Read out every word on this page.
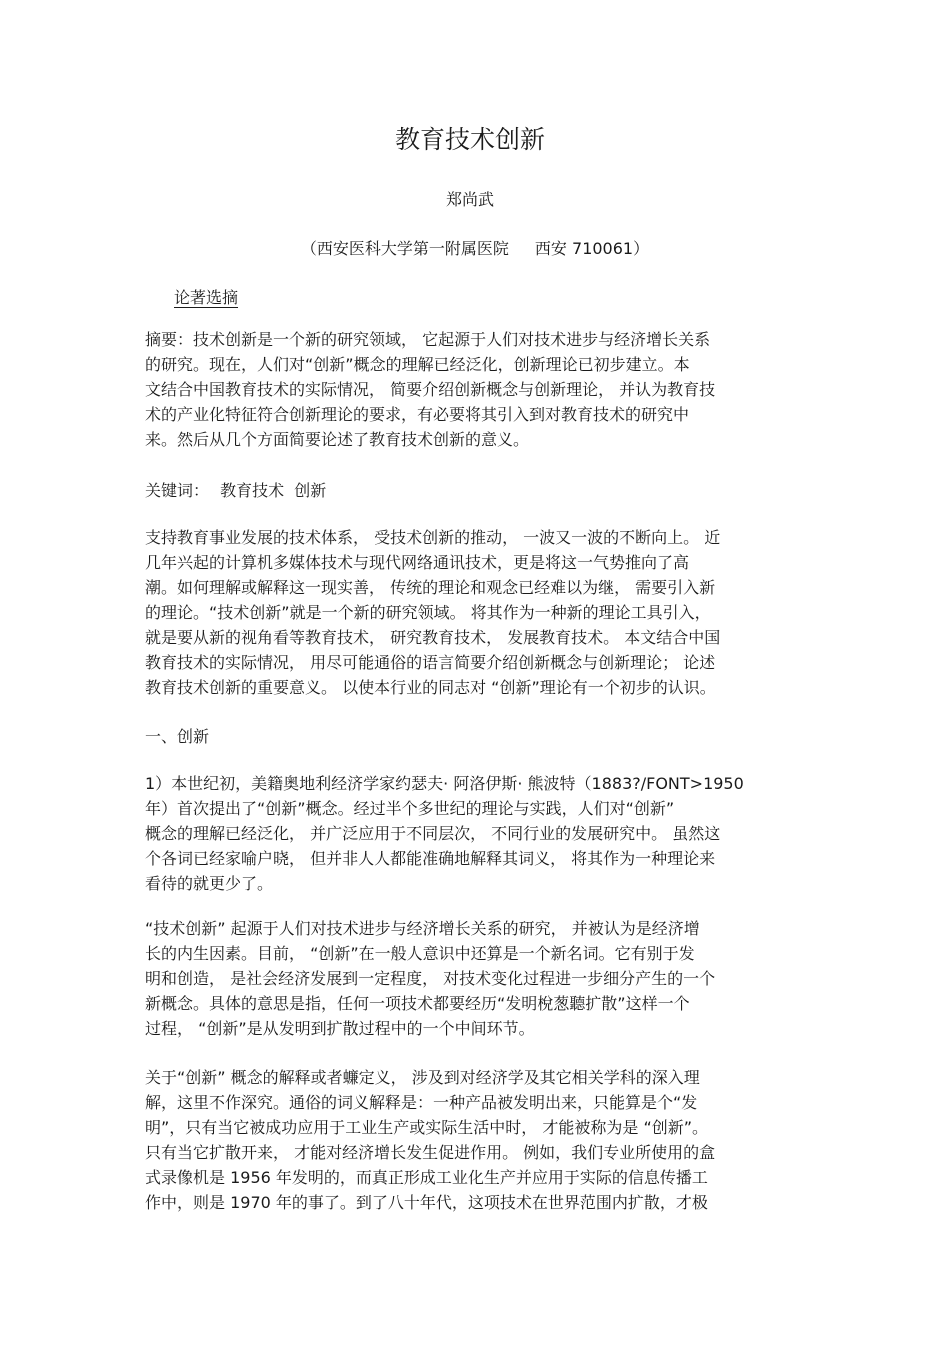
教育技术创新
郑尚武
（西安医科大学第一附属医院 西安 710061）
论著选摘
摘要：技术创新是一个新的研究领域， 它起源于人们对技术进步与经济增长关系
的研究。现在，人们对“创新”概念的理解已经泛化，创新理论已初步建立。本
文结合中国教育技术的实际情况， 简要介绍创新概念与创新理论， 并认为教育技
术的产业化特征符合创新理论的要求，有必要将其引入到对教育技术的研究中
来。然后从几个方面简要论述了教育技术创新的意义。
关键词： 教育技术  创新
支持教育事业发展的技术体系， 受技术创新的推动， 一波又一波的不断向上。 近
几年兴起的计算机多媒体技术与现代网络通讯技术，更是将这一气势推向了高
潮。如何理解或解释这一现实善， 传统的理论和观念已经难以为继， 需要引入新
的理论。“技术创新”就是一个新的研究领域。 将其作为一种新的理论工具引入，
就是要从新的视角看等教育技术， 研究教育技术， 发展教育技术。 本文结合中国
教育技术的实际情况， 用尽可能通俗的语言简要介绍创新概念与创新理论； 论述
教育技术创新的重要意义。 以使本行业的同志对 “创新”理论有一个初步的认识。
一、创新
1）本世纪初，美籍奥地利经济学家约瑟夫· 阿洛伊斯· 熊波特（1883?/FONT>1950
年）首次提出了“创新”概念。经过半个多世纪的理论与实践，人们对“创新”
概念的理解已经泛化， 并广泛应用于不同层次， 不同行业的发展研究中。 虽然这
个各词已经家喻户晓， 但并非人人都能准确地解释其词义， 将其作为一种理论来
看待的就更少了。
“技术创新” 起源于人们对技术进步与经济增长关系的研究， 并被认为是经济增
长的内生因素。目前， “创新”在一般人意识中还算是一个新名词。它有别于发
明和创造， 是社会经济发展到一定程度， 对技术变化过程进一步细分产生的一个
新概念。具体的意思是指，任何一项技术都要经历“发明梲葱聽扩散”这样一个
过程， “创新”是从发明到扩散过程中的一个中间环节。
关于“创新” 概念的解释或者蠊定义， 涉及到对经济学及其它相关学科的深入理
解，这里不作深究。通俗的词义解释是：一种产品被发明出来，只能算是个“发
明”，只有当它被成功应用于工业生产或实际生活中时， 才能被称为是 “创新”。
只有当它扩散开来， 才能对经济增长发生促进作用。 例如，我们专业所使用的盒
式录像机是 1956 年发明的，而真正形成工业化生产并应用于实际的信息传播工
作中，则是 1970 年的事了。到了八十年代，这项技术在世界范围内扩散，才极
